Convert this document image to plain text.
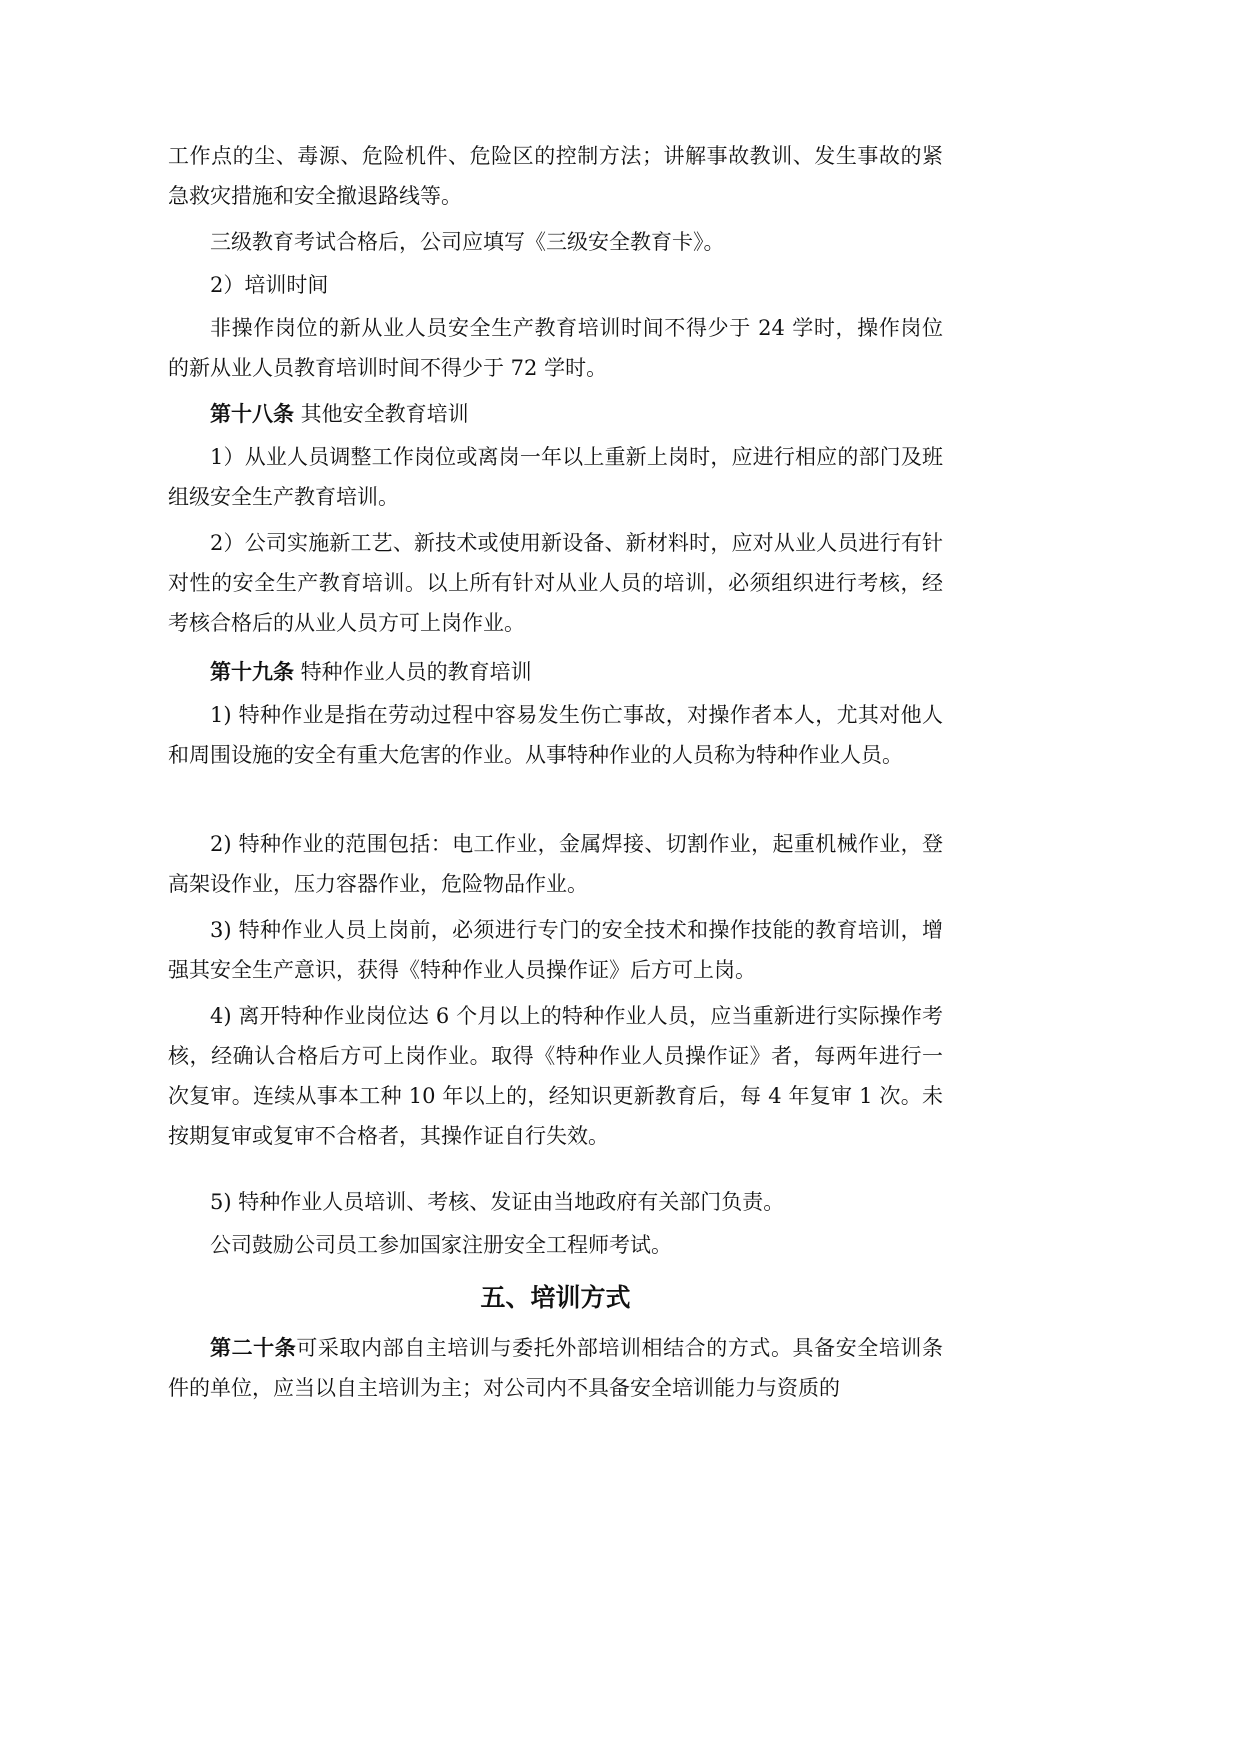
工作点的尘、毒源、危险机件、危险区的控制方法；讲解事故教训、发生事故的紧急救灾措施和安全撤退路线等。

三级教育考试合格后，公司应填写《三级安全教育卡》。

2）培训时间

非操作岗位的新从业人员安全生产教育培训时间不得少于 24 学时，操作岗位的新从业人员教育培训时间不得少于 72 学时。

第十八条 其他安全教育培训

1）从业人员调整工作岗位或离岗一年以上重新上岗时，应进行相应的部门及班组级安全生产教育培训。

2）公司实施新工艺、新技术或使用新设备、新材料时，应对从业人员进行有针对性的安全生产教育培训。以上所有针对从业人员的培训，必须组织进行考核，经考核合格后的从业人员方可上岗作业。

第十九条 特种作业人员的教育培训

1) 特种作业是指在劳动过程中容易发生伤亡事故，对操作者本人，尤其对他人和周围设施的安全有重大危害的作业。从事特种作业的人员称为特种作业人员。

2) 特种作业的范围包括：电工作业，金属焊接、切割作业，起重机械作业，登高架设作业，压力容器作业，危险物品作业。

3) 特种作业人员上岗前，必须进行专门的安全技术和操作技能的教育培训，增强其安全生产意识，获得《特种作业人员操作证》后方可上岗。

4) 离开特种作业岗位达 6 个月以上的特种作业人员，应当重新进行实际操作考核，经确认合格后方可上岗作业。取得《特种作业人员操作证》者，每两年进行一次复审。连续从事本工种 10 年以上的，经知识更新教育后，每 4 年复审 1 次。未按期复审或复审不合格者，其操作证自行失效。

5) 特种作业人员培训、考核、发证由当地政府有关部门负责。

公司鼓励公司员工参加国家注册安全工程师考试。

五、培训方式

第二十条可采取内部自主培训与委托外部培训相结合的方式。具备安全培训条件的单位，应当以自主培训为主；对公司内不具备安全培训能力与资质的
